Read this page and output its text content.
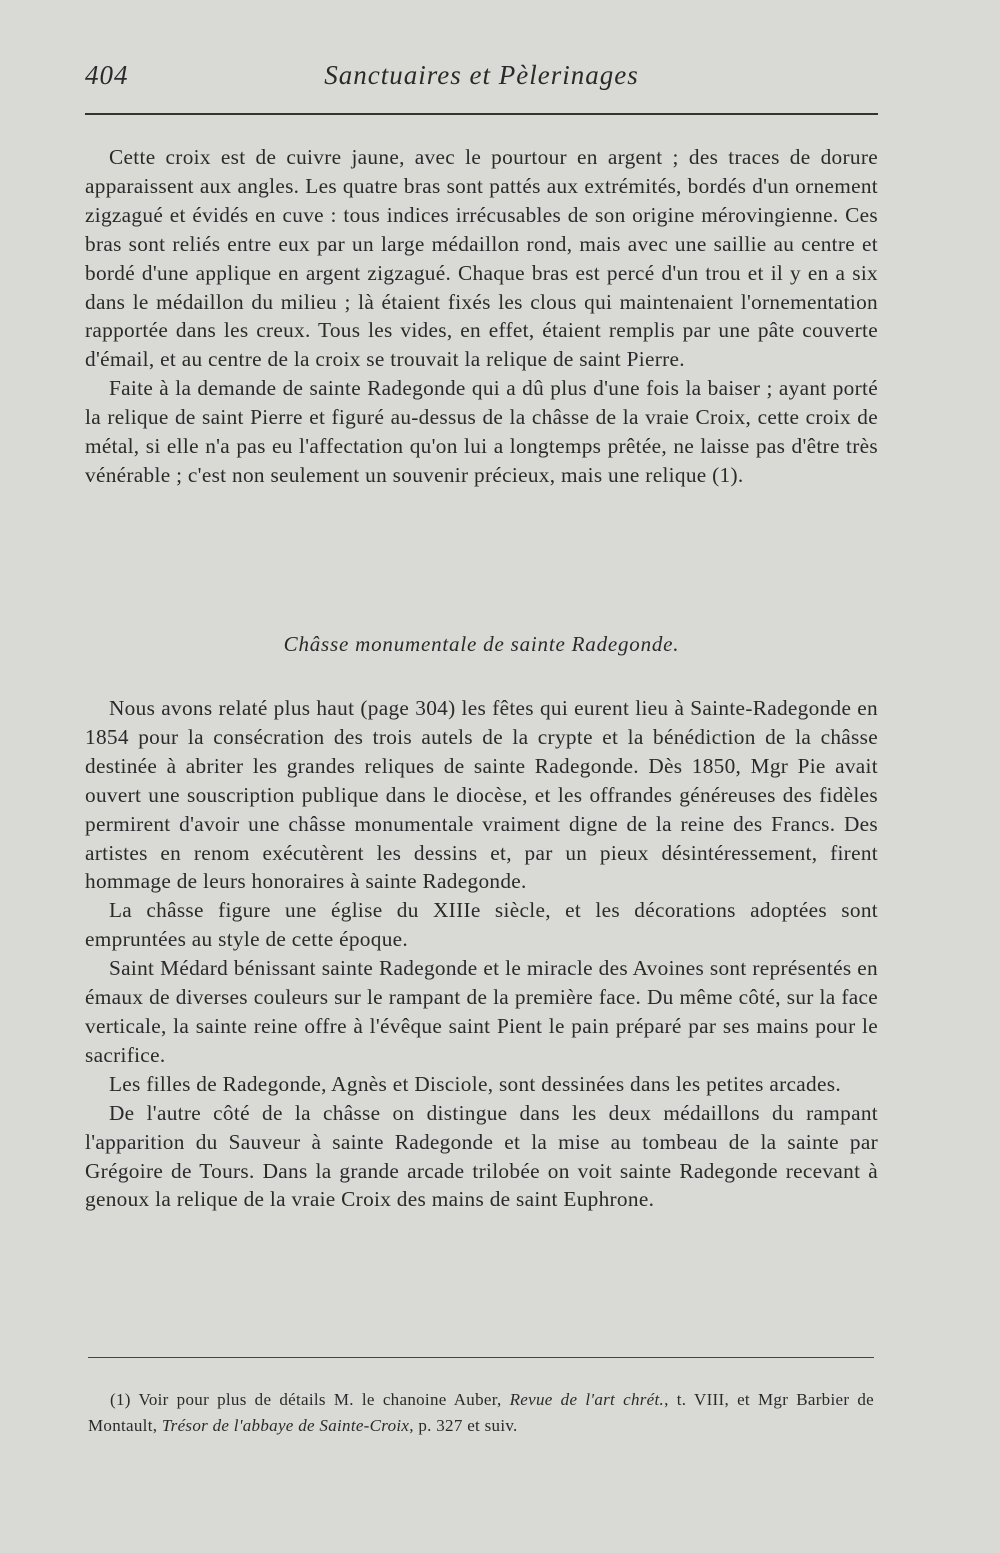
404	Sanctuaires et Pèlerinages

Cette croix est de cuivre jaune, avec le pourtour en argent ; des traces de dorure apparaissent aux angles. Les quatre bras sont pattés aux extrémités, bordés d'un ornement zigzagué et évidés en cuve : tous indices irrécusables de son origine mérovingienne. Ces bras sont reliés entre eux par un large médaillon rond, mais avec une saillie au centre et bordé d'une applique en argent zigzagué. Chaque bras est percé d'un trou et il y en a six dans le médaillon du milieu ; là étaient fixés les clous qui maintenaient l'ornementation rapportée dans les creux. Tous les vides, en effet, étaient remplis par une pâte couverte d'émail, et au centre de la croix se trouvait la relique de saint Pierre.

Faite à la demande de sainte Radegonde qui a dû plus d'une fois la baiser ; ayant porté la relique de saint Pierre et figuré au-dessus de la châsse de la vraie Croix, cette croix de métal, si elle n'a pas eu l'affectation qu'on lui a longtemps prêtée, ne laisse pas d'être très vénérable ; c'est non seulement un souvenir précieux, mais une relique (1).

Châsse monumentale de sainte Radegonde.

Nous avons relaté plus haut (page 304) les fêtes qui eurent lieu à Sainte-Radegonde en 1854 pour la consécration des trois autels de la crypte et la bénédiction de la châsse destinée à abriter les grandes reliques de sainte Radegonde. Dès 1850, Mgr Pie avait ouvert une souscription publique dans le diocèse, et les offrandes généreuses des fidèles permirent d'avoir une châsse monumentale vraiment digne de la reine des Francs. Des artistes en renom exécutèrent les dessins et, par un pieux désintéressement, firent hommage de leurs honoraires à sainte Radegonde.

La châsse figure une église du XIIIe siècle, et les décorations adoptées sont empruntées au style de cette époque.

Saint Médard bénissant sainte Radegonde et le miracle des Avoines sont représentés en émaux de diverses couleurs sur le rampant de la première face. Du même côté, sur la face verticale, la sainte reine offre à l'évêque saint Pient le pain préparé par ses mains pour le sacrifice.

Les filles de Radegonde, Agnès et Disciole, sont dessinées dans les petites arcades.

De l'autre côté de la châsse on distingue dans les deux médaillons du rampant l'apparition du Sauveur à sainte Radegonde et la mise au tombeau de la sainte par Grégoire de Tours. Dans la grande arcade trilobée on voit sainte Radegonde recevant à genoux la relique de la vraie Croix des mains de saint Euphrone.

(1) Voir pour plus de détails M. le chanoine Auber, Revue de l'art chrét., t. VIII, et Mgr Barbier de Montault, Trésor de l'abbaye de Sainte-Croix, p. 327 et suiv.
